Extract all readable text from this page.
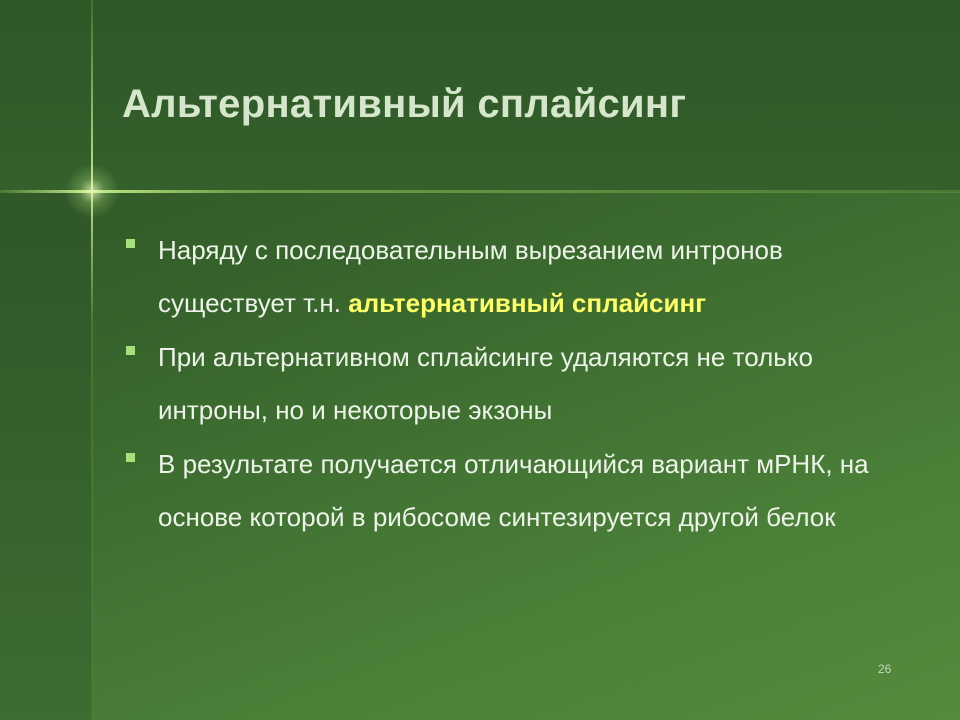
Альтернативный сплайсинг
Наряду с последовательным вырезанием интронов существует т.н. альтернативный сплайсинг
При альтернативном сплайсинге удаляются не только интроны, но и некоторые экзоны
В результате получается отличающийся вариант мРНК, на основе которой в рибосоме синтезируется другой белок
26
